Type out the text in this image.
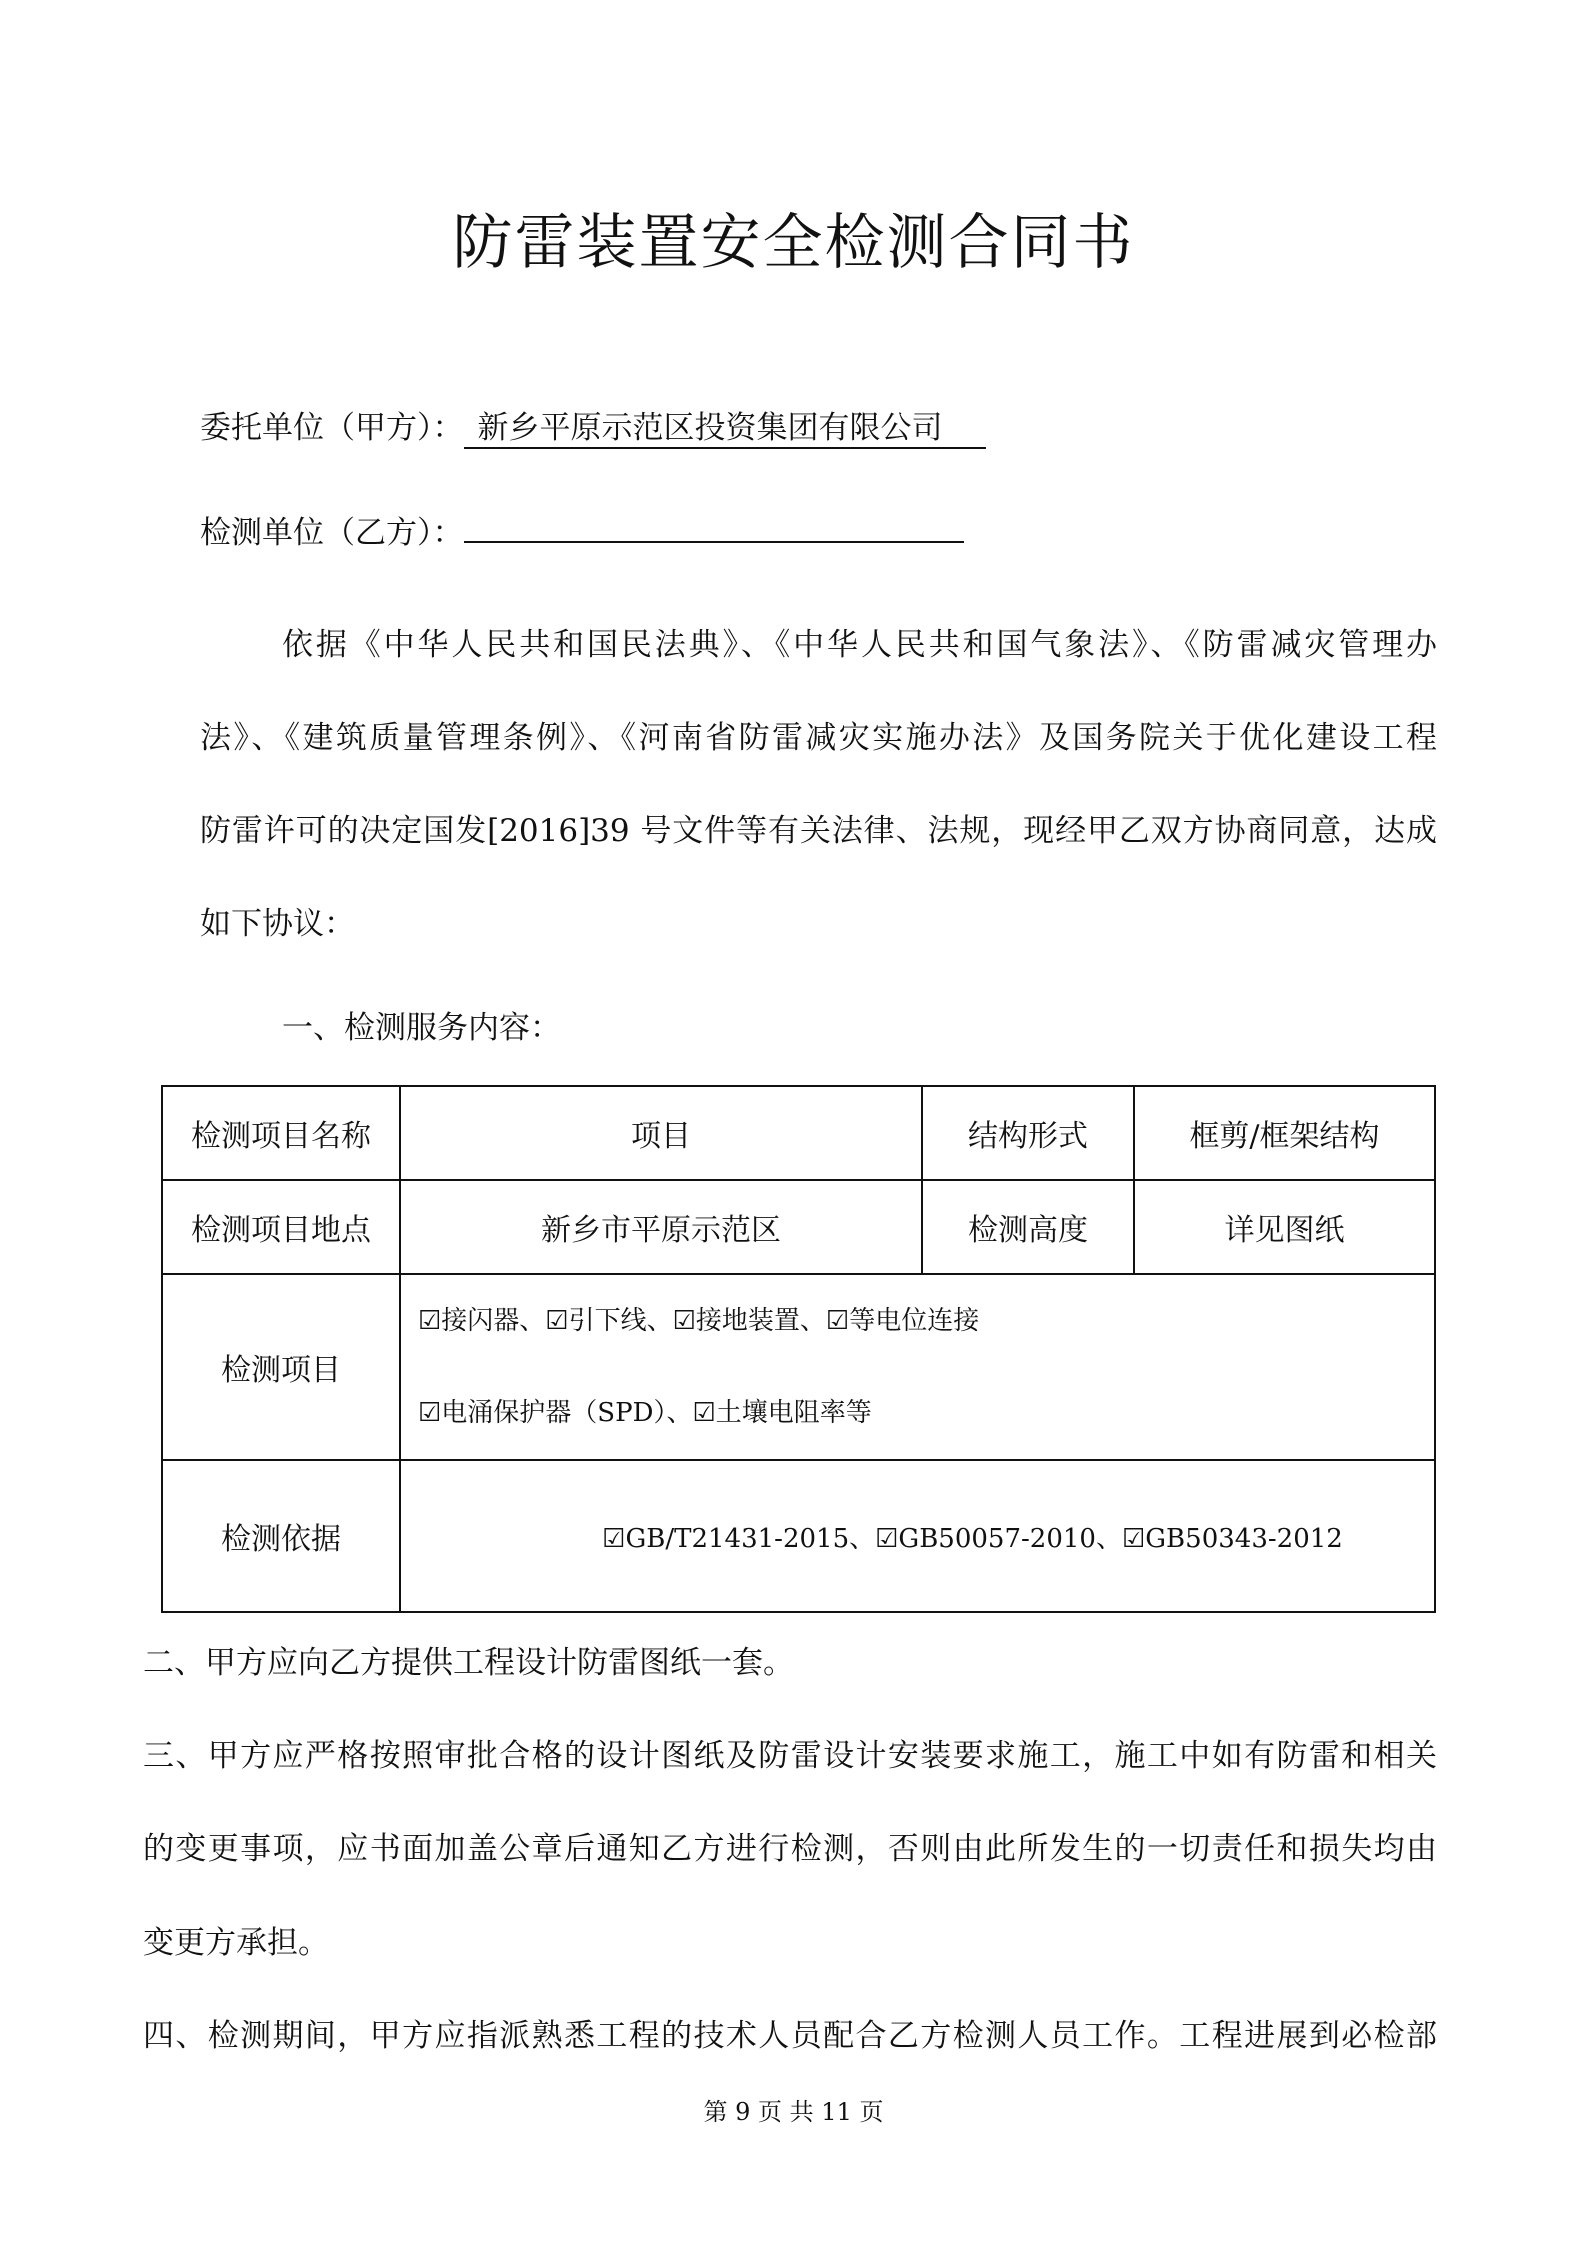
防雷装置安全检测合同书
委托单位（甲方）： 新乡平原示范区投资集团有限公司
检测单位（乙方）：
依据《中华人民共和国民法典》、《中华人民共和国气象法》、《防雷减灾管理办
法》、《建筑质量管理条例》、《河南省防雷减灾实施办法》及国务院关于优化建设工程
防雷许可的决定国发[2016]39 号文件等有关法律、法规，现经甲乙双方协商同意，达成
如下协议：
一、检测服务内容：
检测项目名称	项目	结构形式	框剪/框架结构
检测项目地点	新乡市平原示范区	检测高度	详见图纸
检测项目	☑接闪器、☑引下线、☑接地装置、☑等电位连接
☑电涌保护器（SPD）、☑土壤电阻率等		

检测依据	☑GB/T21431-2015、☑GB50057-2010、☑GB50343-2012		
二、甲方应向乙方提供工程设计防雷图纸一套。
三、甲方应严格按照审批合格的设计图纸及防雷设计安装要求施工，施工中如有防雷和相关
的变更事项，应书面加盖公章后通知乙方进行检测，否则由此所发生的一切责任和损失均由
变更方承担。
四、检测期间，甲方应指派熟悉工程的技术人员配合乙方检测人员工作。工程进展到必检部
第 9 页 共 11 页
